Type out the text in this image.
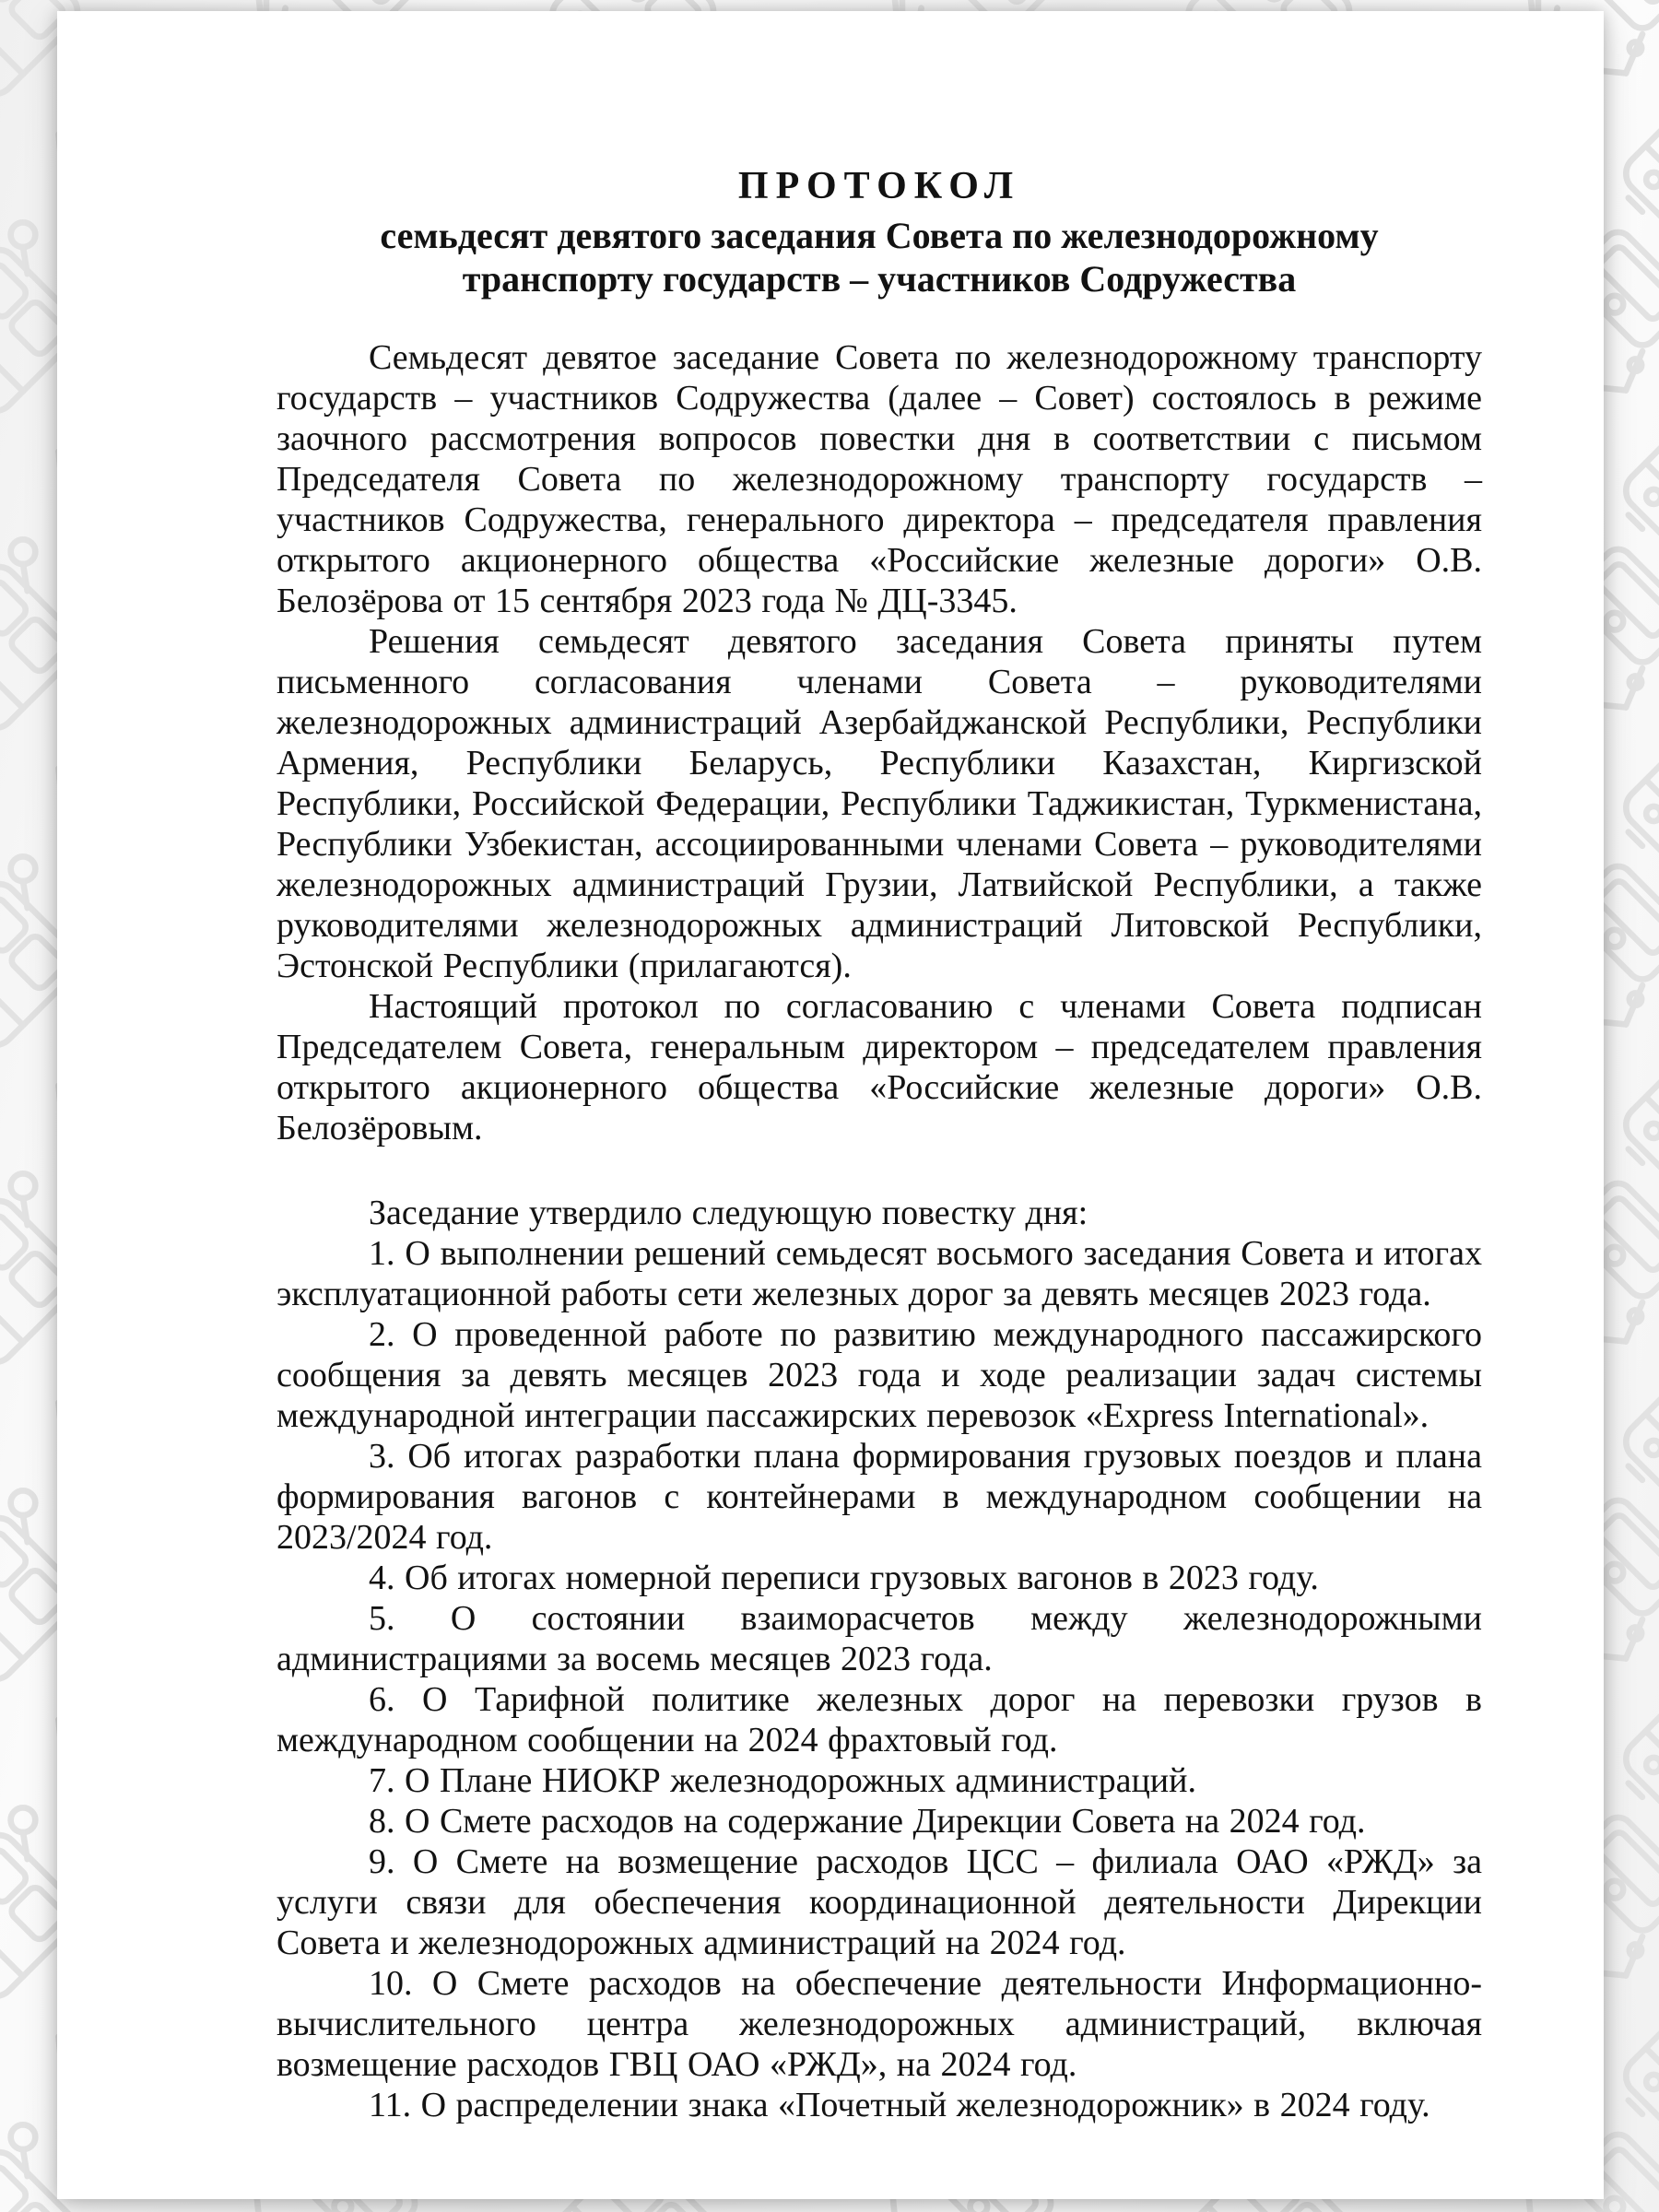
ПРОТОКОЛ
семьдесят девятого заседания Совета по железнодорожному
транспорту государств – участников Содружества

Семьдесят девятое заседание Совета по железнодорожному транспорту государств – участников Содружества (далее – Совет) состоялось в режиме заочного рассмотрения вопросов повестки дня в соответствии с письмом Председателя Совета по железнодорожному транспорту государств – участников Содружества, генерального директора – председателя правления открытого акционерного общества «Российские железные дороги» О.В. Белозёрова от 15 сентября 2023 года № ДЦ-3345.

Решения семьдесят девятого заседания Совета приняты путем письменного согласования членами Совета – руководителями железнодорожных администраций Азербайджанской Республики, Республики Армения, Республики Беларусь, Республики Казахстан, Киргизской Республики, Российской Федерации, Республики Таджикистан, Туркменистана, Республики Узбекистан, ассоциированными членами Совета – руководителями железнодорожных администраций Грузии, Латвийской Республики, а также руководителями железнодорожных администраций Литовской Республики, Эстонской Республики (прилагаются).

Настоящий протокол по согласованию с членами Совета подписан Председателем Совета, генеральным директором – председателем правления открытого акционерного общества «Российские железные дороги» О.В. Белозёровым.

Заседание утвердило следующую повестку дня:

1. О выполнении решений семьдесят восьмого заседания Совета и итогах эксплуатационной работы сети железных дорог за девять месяцев 2023 года.

2. О проведенной работе по развитию международного пассажирского сообщения за девять месяцев 2023 года и ходе реализации задач системы международной интеграции пассажирских перевозок «Express International».

3. Об итогах разработки плана формирования грузовых поездов и плана формирования вагонов с контейнерами в международном сообщении на 2023/2024 год.

4. Об итогах номерной переписи грузовых вагонов в 2023 году.

5. О состоянии взаиморасчетов между железнодорожными администрациями за восемь месяцев 2023 года.

6. О Тарифной политике железных дорог на перевозки грузов в международном сообщении на 2024 фрахтовый год.

7. О Плане НИОКР железнодорожных администраций.

8. О Смете расходов на содержание Дирекции Совета на 2024 год.

9. О Смете на возмещение расходов ЦСС – филиала ОАО «РЖД» за услуги связи для обеспечения координационной деятельности Дирекции Совета и железнодорожных администраций на 2024 год.

10. О Смете расходов на обеспечение деятельности Информационно-вычислительного центра железнодорожных администраций, включая возмещение расходов ГВЦ ОАО «РЖД», на 2024 год.

11. О распределении знака «Почетный железнодорожник» в 2024 году.
